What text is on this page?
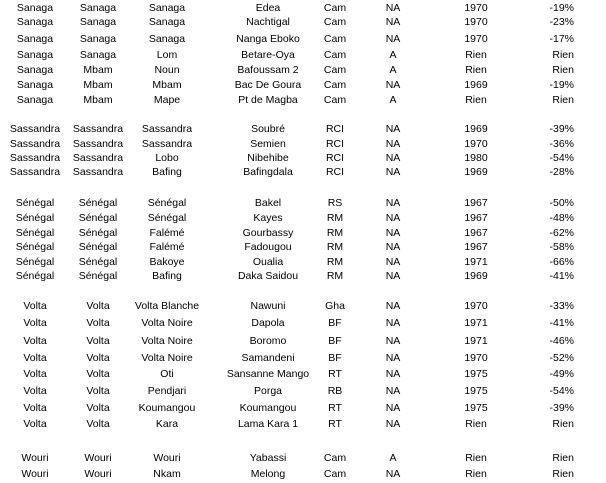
Sanaga	Sanaga	Sanaga	Edea	Cam	NA	1970	-19%
Sanaga	Sanaga	Sanaga	Nachtigal	Cam	NA	1970	-23%
Sanaga	Sanaga	Sanaga	Nanga Eboko	Cam	NA	1970	-17%
Sanaga	Sanaga	Lom	Betare-Oya	Cam	A	Rien	Rien
Sanaga	Mbam	Noun	Bafoussam 2	Cam	A	Rien	Rien
Sanaga	Mbam	Mbam	Bac De Goura	Cam	NA	1969	-19%
Sanaga	Mbam	Mape	Pt de Magba	Cam	A	Rien	Rien
Sassandra	Sassandra	Sassandra	Soubré	RCI	NA	1969	-39%
Sassandra	Sassandra	Sassandra	Semien	RCI	NA	1970	-36%
Sassandra	Sassandra	Lobo	Nibehibe	RCI	NA	1980	-54%
Sassandra	Sassandra	Bafing	Bafingdala	RCI	NA	1969	-28%
Sénégal	Sénégal	Sénégal	Bakel	RS	NA	1967	-50%
Sénégal	Sénégal	Sénégal	Kayes	RM	NA	1967	-48%
Sénégal	Sénégal	Falémé	Gourbassy	RM	NA	1967	-62%
Sénégal	Sénégal	Falémé	Fadougou	RM	NA	1967	-58%
Sénégal	Sénégal	Bakoye	Oualia	RM	NA	1971	-66%
Sénégal	Sénégal	Bafing	Daka Saidou	RM	NA	1969	-41%
Volta	Volta	Volta Blanche	Nawuni	Gha	NA	1970	-33%
Volta	Volta	Volta Noire	Dapola	BF	NA	1971	-41%
Volta	Volta	Volta Noire	Boromo	BF	NA	1971	-46%
Volta	Volta	Volta Noire	Samandeni	BF	NA	1970	-52%
Volta	Volta	Oti	Sansanne Mango	RT	NA	1975	-49%
Volta	Volta	Pendjari	Porga	RB	NA	1975	-54%
Volta	Volta	Koumangou	Koumangou	RT	NA	1975	-39%
Volta	Volta	Kara	Lama Kara 1	RT	NA	Rien	Rien
Wouri	Wouri	Wouri	Yabassi	Cam	A	Rien	Rien
Wouri	Wouri	Nkam	Melong	Cam	NA	Rien	Rien
